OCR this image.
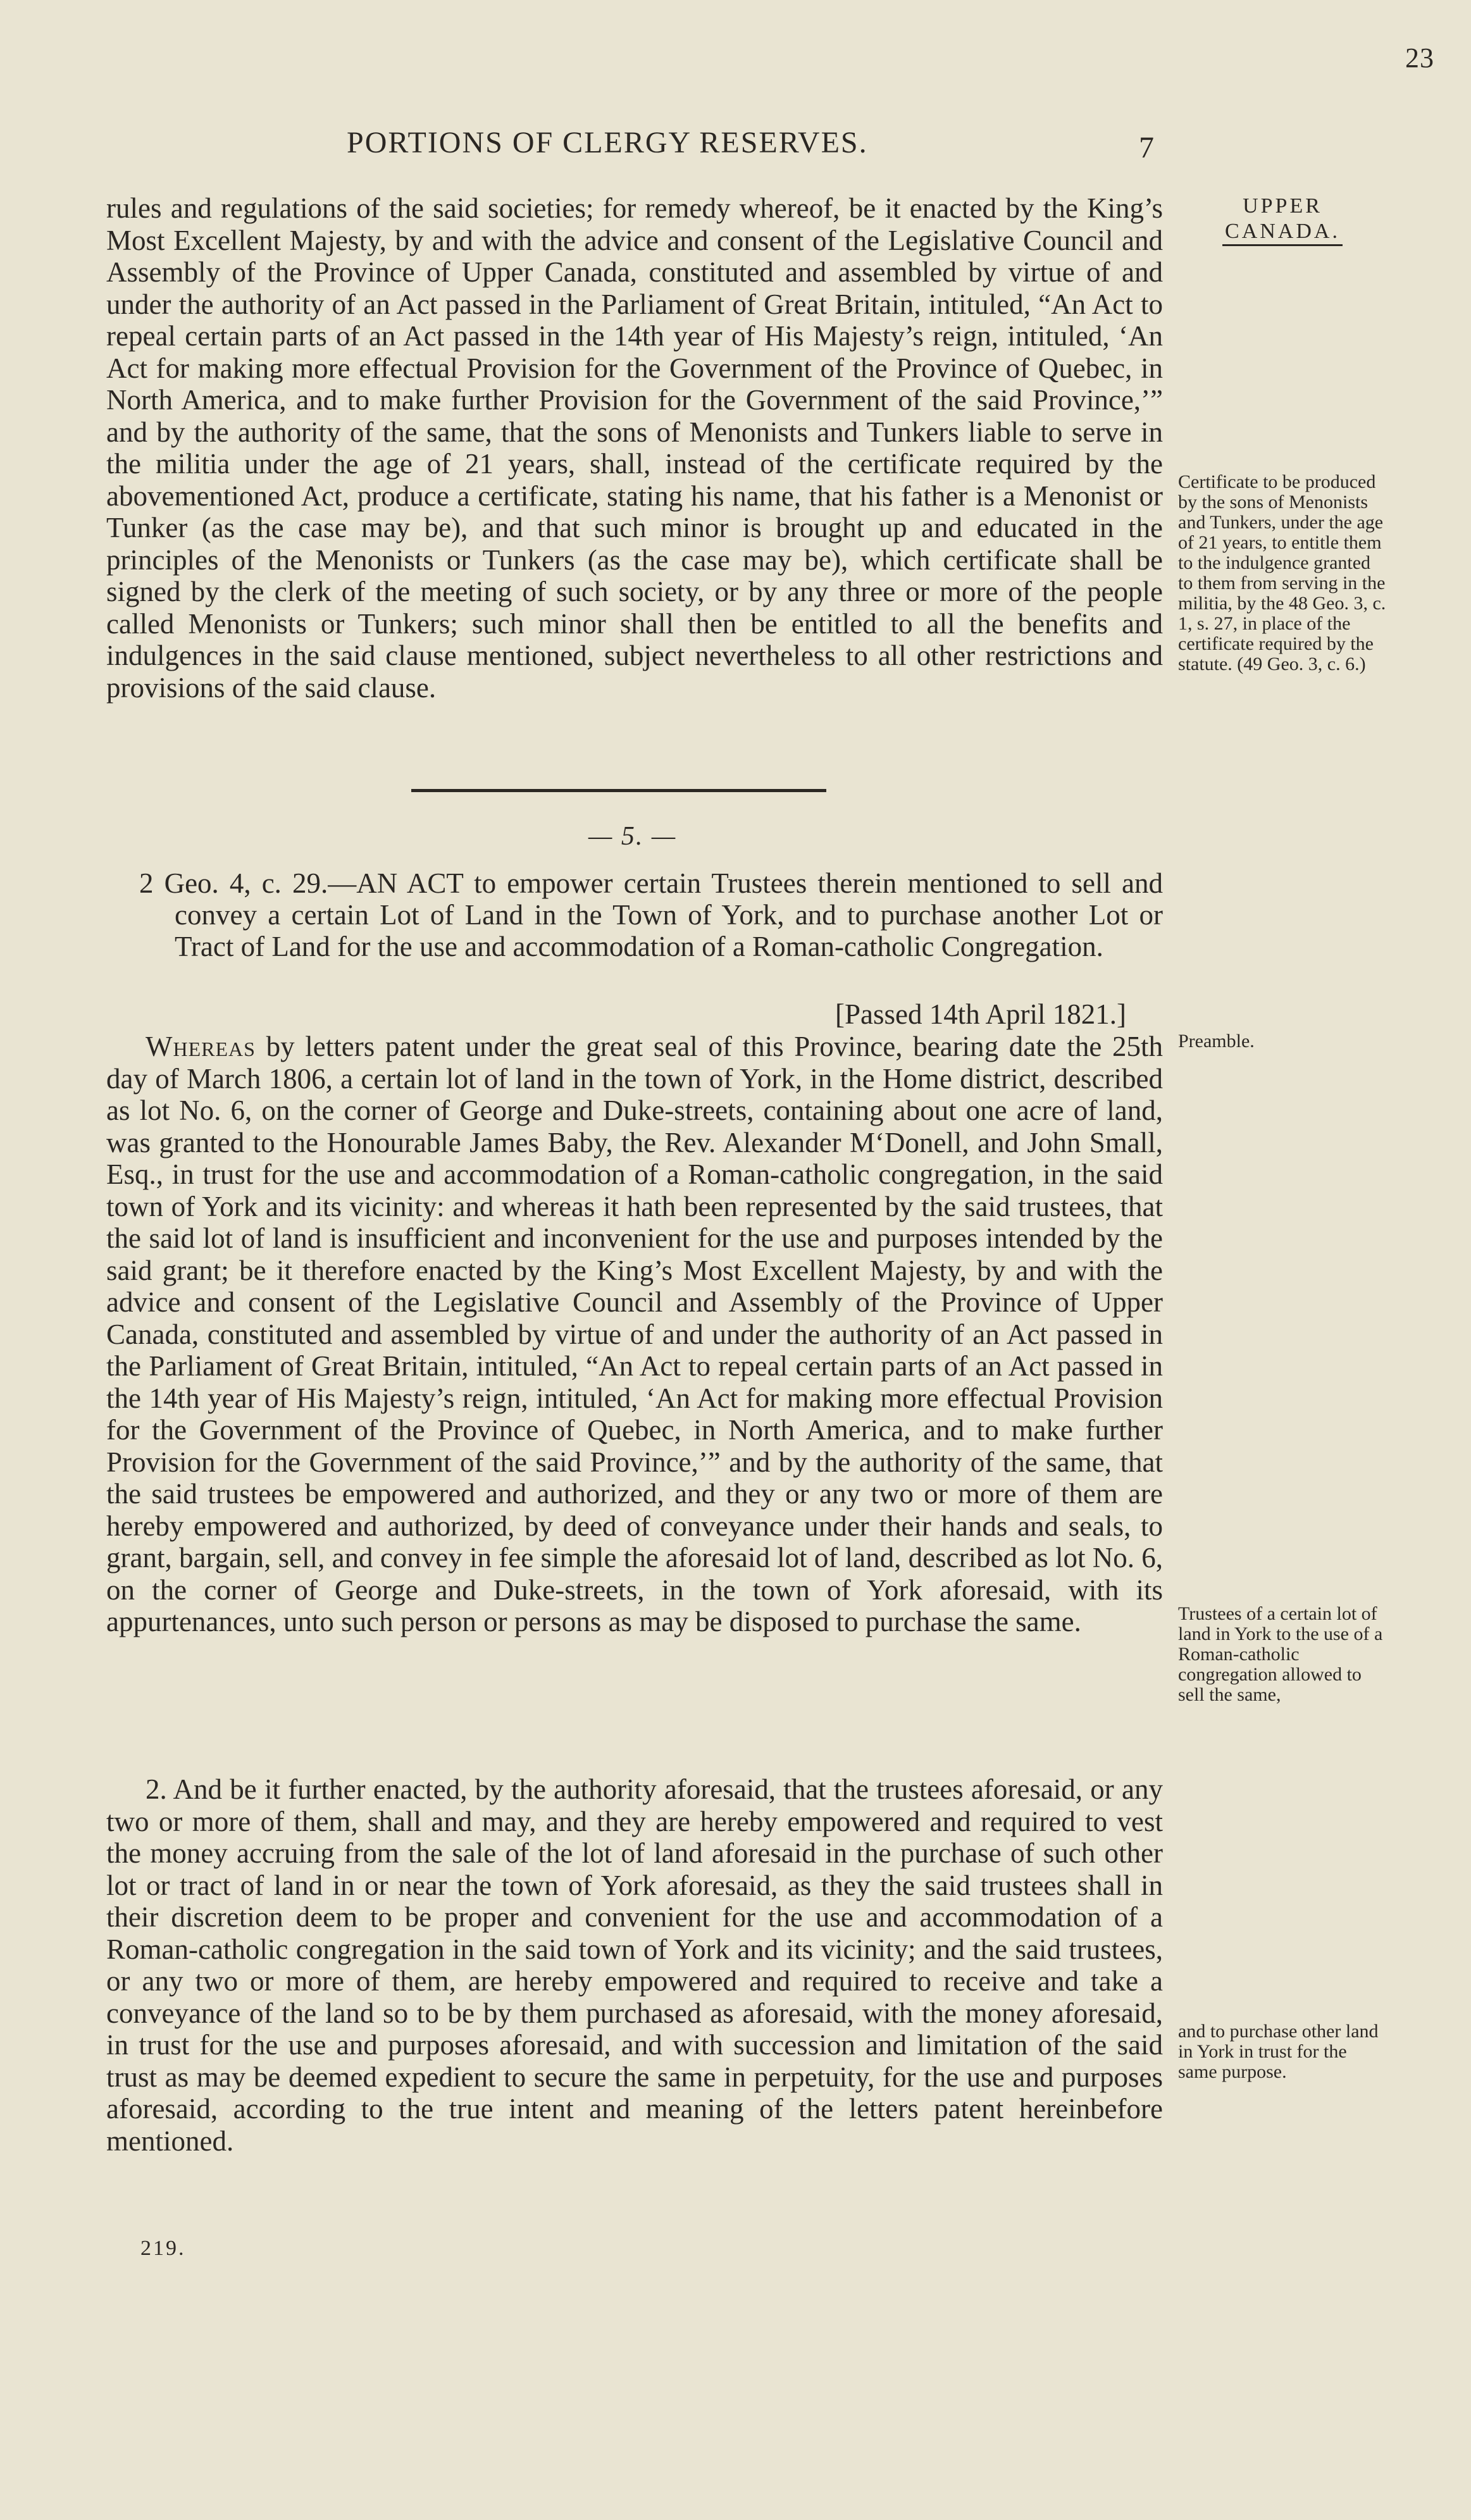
23
PORTIONS OF CLERGY RESERVES.	7
UPPER CANADA.

rules and regulations of the said societies; for remedy whereof, be it enacted by the King’s Most Excellent Majesty, by and with the advice and consent of the Legislative Council and Assembly of the Province of Upper Canada, constituted and assembled by virtue of and under the authority of an Act passed in the Parliament of Great Britain, intituled, “An Act to repeal certain parts of an Act passed in the 14th year of His Majesty’s reign, intituled, ‘An Act for making more effectual Provision for the Government of the Province of Quebec, in North America, and to make further Provision for the Government of the said Province,’” and by the authority of the same, that the sons of Menonists and Tunkers liable to serve in the militia under the age of 21 years, shall, instead of the certificate required by the abovementioned Act, produce a certificate, stating his name, that his father is a Menonist or Tunker (as the case may be), and that such minor is brought up and educated in the principles of the Menonists or Tunkers (as the case may be), which certificate shall be signed by the clerk of the meeting of such society, or by any three or more of the people called Menonists or Tunkers; such minor shall then be entitled to all the benefits and indulgences in the said clause mentioned, subject nevertheless to all other restrictions and provisions of the said clause.

Certificate to be produced by the sons of Menonists and Tunkers, under the age of 21 years, to entitle them to the indulgence granted to them from serving in the militia, by the 48 Geo. 3, c. 1, s. 27, in place of the certificate required by the statute. (49 Geo. 3, c. 6.)
— 5. —
2 Geo. 4, c. 29.—AN ACT to empower certain Trustees therein mentioned to sell and convey a certain Lot of Land in the Town of York, and to purchase another Lot or Tract of Land for the use and accommodation of a Roman-catholic Congregation.
[Passed 14th April 1821.]

Whereas by letters patent under the great seal of this Province, bearing date the 25th day of March 1806, a certain lot of land in the town of York, in the Home district, described as lot No. 6, on the corner of George and Duke-streets, containing about one acre of land, was granted to the Honourable James Baby, the Rev. Alexander M‘Donell, and John Small, Esq., in trust for the use and accommodation of a Roman-catholic congregation, in the said town of York and its vicinity: and whereas it hath been represented by the said trustees, that the said lot of land is insufficient and inconvenient for the use and purposes intended by the said grant; be it therefore enacted by the King’s Most Excellent Majesty, by and with the advice and consent of the Legislative Council and Assembly of the Province of Upper Canada, constituted and assembled by virtue of and under the authority of an Act passed in the Parliament of Great Britain, intituled, “An Act to repeal certain parts of an Act passed in the 14th year of His Majesty’s reign, intituled, ‘An Act for making more effectual Provision for the Government of the Province of Quebec, in North America, and to make further Provision for the Government of the said Province,’” and by the authority of the same, that the said trustees be empowered and authorized, and they or any two or more of them are hereby empowered and authorized, by deed of conveyance under their hands and seals, to grant, bargain, sell, and convey in fee simple the aforesaid lot of land, described as lot No. 6, on the corner of George and Duke-streets, in the town of York aforesaid, with its appurtenances, unto such person or persons as may be disposed to purchase the same.

Preamble.
Trustees of a certain lot of land in York to the use of a Roman-catholic congregation allowed to sell the same,

2. And be it further enacted, by the authority aforesaid, that the trustees aforesaid, or any two or more of them, shall and may, and they are hereby empowered and required to vest the money accruing from the sale of the lot of land aforesaid in the purchase of such other lot or tract of land in or near the town of York aforesaid, as they the said trustees shall in their discretion deem to be proper and convenient for the use and accommodation of a Roman-catholic congregation in the said town of York and its vicinity; and the said trustees, or any two or more of them, are hereby empowered and required to receive and take a conveyance of the land so to be by them purchased as aforesaid, with the money aforesaid, in trust for the use and purposes aforesaid, and with succession and limitation of the said trust as may be deemed expedient to secure the same in perpetuity, for the use and purposes aforesaid, according to the true intent and meaning of the letters patent hereinbefore mentioned.

and to purchase other land in York in trust for the same purpose.
219.
